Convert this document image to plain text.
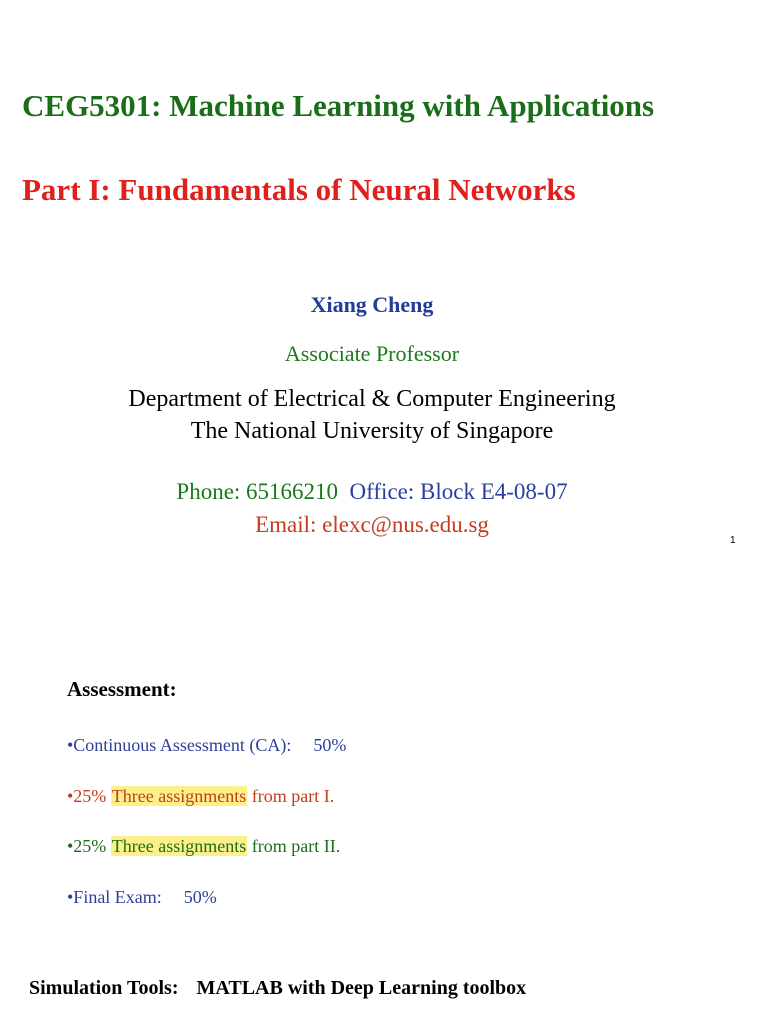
CEG5301: Machine Learning with Applications
Part I: Fundamentals of Neural Networks
Xiang Cheng
Associate Professor
Department of Electrical & Computer Engineering
The National University of Singapore
Phone: 65166210 Office: Block E4-08-07
Email: elexc@nus.edu.sg
1
Assessment:
•Continuous Assessment (CA): 50%
•25% Three assignments from part I.
•25% Three assignments from part II.
•Final Exam: 50%
Simulation Tools: MATLAB with Deep Learning toolbox
